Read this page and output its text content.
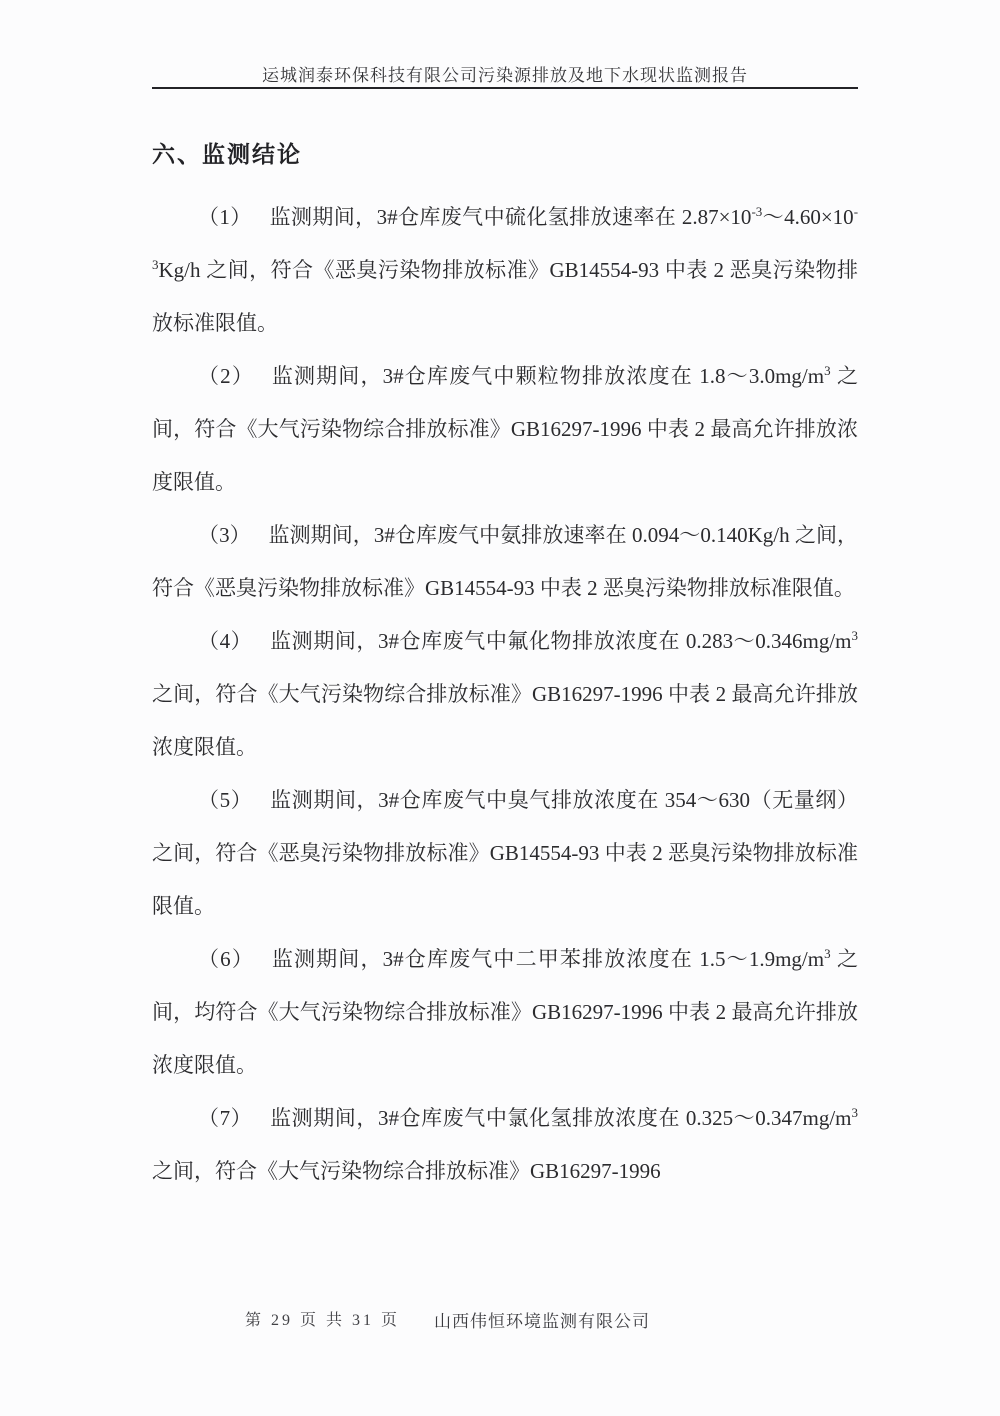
运城润泰环保科技有限公司污染源排放及地下水现状监测报告
六、监测结论

（1） 监测期间，3#仓库废气中硫化氢排放速率在 $2.87\times 10^{-3}\sim 4.60\times 10^{-3}Kg/h$ 之间，符合《恶臭污染物排放标准》GB14554-93 中表 2 恶臭污染物排放标准限值。

（2） 监测期间，3#仓库废气中颗粒物排放浓度在 $1.8\sim 3.0mg/m^3$ 之间，符合《大气污染物综合排放标准》GB16297-1996 中表 2 最高允许排放浓度限值。

（3） 监测期间，3#仓库废气中氨排放速率在 0.094～0.140Kg/h 之间，符合《恶臭污染物排放标准》GB14554-93 中表 2 恶臭污染物排放标准限值。

（4） 监测期间，3#仓库废气中氟化物排放浓度在 $0.283\sim 0.346mg/m^3$ 之间，符合《大气污染物综合排放标准》GB16297-1996 中表 2 最高允许排放浓度限值。

（5） 监测期间，3#仓库废气中臭气排放浓度在 354～630（无量纲）之间，符合《恶臭污染物排放标准》GB14554-93 中表 2 恶臭污染物排放标准限值。

（6） 监测期间，3#仓库废气中二甲苯排放浓度在 $1.5\sim 1.9mg/m^3$ 之间，均符合《大气污染物综合排放标准》GB16297-1996 中表 2 最高允许排放浓度限值。

（7） 监测期间，3#仓库废气中氯化氢排放浓度在 $0.325\sim 0.347mg/m^3$ 之间，符合《大气污染物综合排放标准》GB16297-1996

第 29 页 共 31 页 山西伟恒环境监测有限公司
